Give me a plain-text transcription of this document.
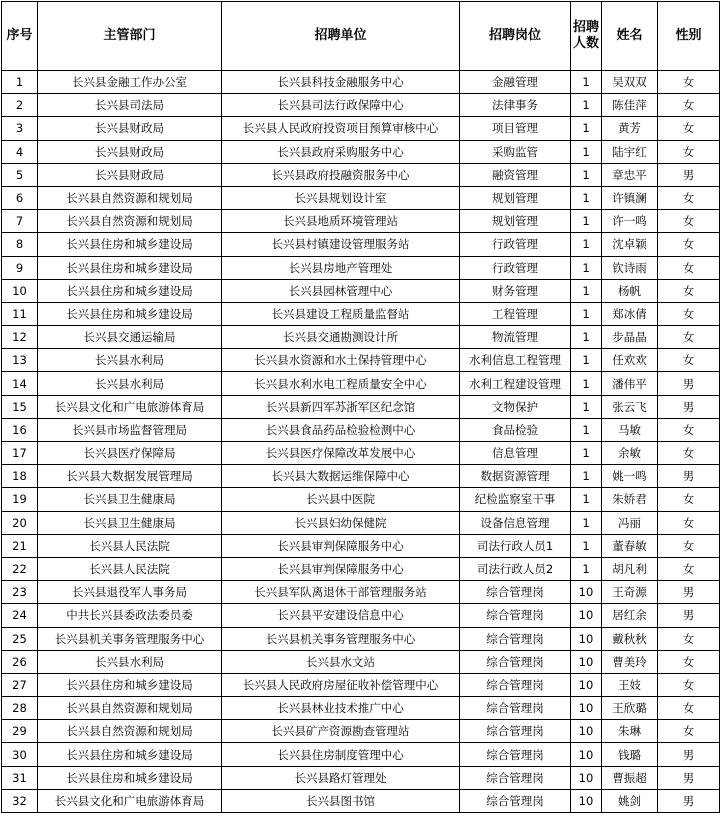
序号	主管部门	招聘单位	招聘岗位	招聘人数	姓名	性别
1	长兴县金融工作办公室	长兴县科技金融服务中心	金融管理	1	吴双双	女
2	长兴县司法局	长兴县司法行政保障中心	法律事务	1	陈佳萍	女
3	长兴县财政局	长兴县人民政府投资项目预算审核中心	项目管理	1	黄芳	女
4	长兴县财政局	长兴县政府采购服务中心	采购监管	1	陆宇红	女
5	长兴县财政局	长兴县政府投融资服务中心	融资管理	1	章忠平	男
6	长兴县自然资源和规划局	长兴县规划设计室	规划管理	1	许镇澜	女
7	长兴县自然资源和规划局	长兴县地质环境管理站	规划管理	1	许一鸣	女
8	长兴县住房和城乡建设局	长兴县村镇建设管理服务站	行政管理	1	沈卓颖	女
9	长兴县住房和城乡建设局	长兴县房地产管理处	行政管理	1	钦诗雨	女
10	长兴县住房和城乡建设局	长兴县园林管理中心	财务管理	1	杨帆	女
11	长兴县住房和城乡建设局	长兴县建设工程质量监督站	工程管理	1	郑冰倩	女
12	长兴县交通运输局	长兴县交通勘测设计所	物流管理	1	步晶晶	女
13	长兴县水利局	长兴县水资源和水土保持管理中心	水利信息工程管理	1	任欢欢	女
14	长兴县水利局	长兴县水利水电工程质量安全中心	水利工程建设管理	1	潘伟平	男
15	长兴县文化和广电旅游体育局	长兴县新四军苏浙军区纪念馆	文物保护	1	张云飞	男
16	长兴县市场监督管理局	长兴县食品药品检验检测中心	食品检验	1	马敏	女
17	长兴县医疗保障局	长兴县医疗保障改革发展中心	信息管理	1	余敏	女
18	长兴县大数据发展管理局	长兴县大数据运维保障中心	数据资源管理	1	姚一鸣	男
19	长兴县卫生健康局	长兴县中医院	纪检监察室干事	1	朱娇君	女
20	长兴县卫生健康局	长兴县妇幼保健院	设备信息管理	1	冯丽	女
21	长兴县人民法院	长兴县审判保障服务中心	司法行政人员1	1	董春敏	女
22	长兴县人民法院	长兴县审判保障服务中心	司法行政人员2	1	胡凡利	女
23	长兴县退役军人事务局	长兴县军队离退休干部管理服务站	综合管理岗	10	王奇源	男
24	中共长兴县委政法委员委	长兴县平安建设信息中心	综合管理岗	10	居红余	男
25	长兴县机关事务管理服务中心	长兴县机关事务管理服务中心	综合管理岗	10	戴秋秋	女
26	长兴县水利局	长兴县水文站	综合管理岗	10	曹美玲	女
27	长兴县住房和城乡建设局	长兴县人民政府房屋征收补偿管理中心	综合管理岗	10	王妓	女
28	长兴县自然资源和规划局	长兴县林业技术推广中心	综合管理岗	10	王欣璐	女
29	长兴县自然资源和规划局	长兴县矿产资源勘查管理站	综合管理岗	10	朱琳	女
30	长兴县住房和城乡建设局	长兴县住房制度管理中心	综合管理岗	10	钱璐	男
31	长兴县住房和城乡建设局	长兴县路灯管理处	综合管理岗	10	曹振超	男
32	长兴县文化和广电旅游体育局	长兴县图书馆	综合管理岗	10	姚剑	男
